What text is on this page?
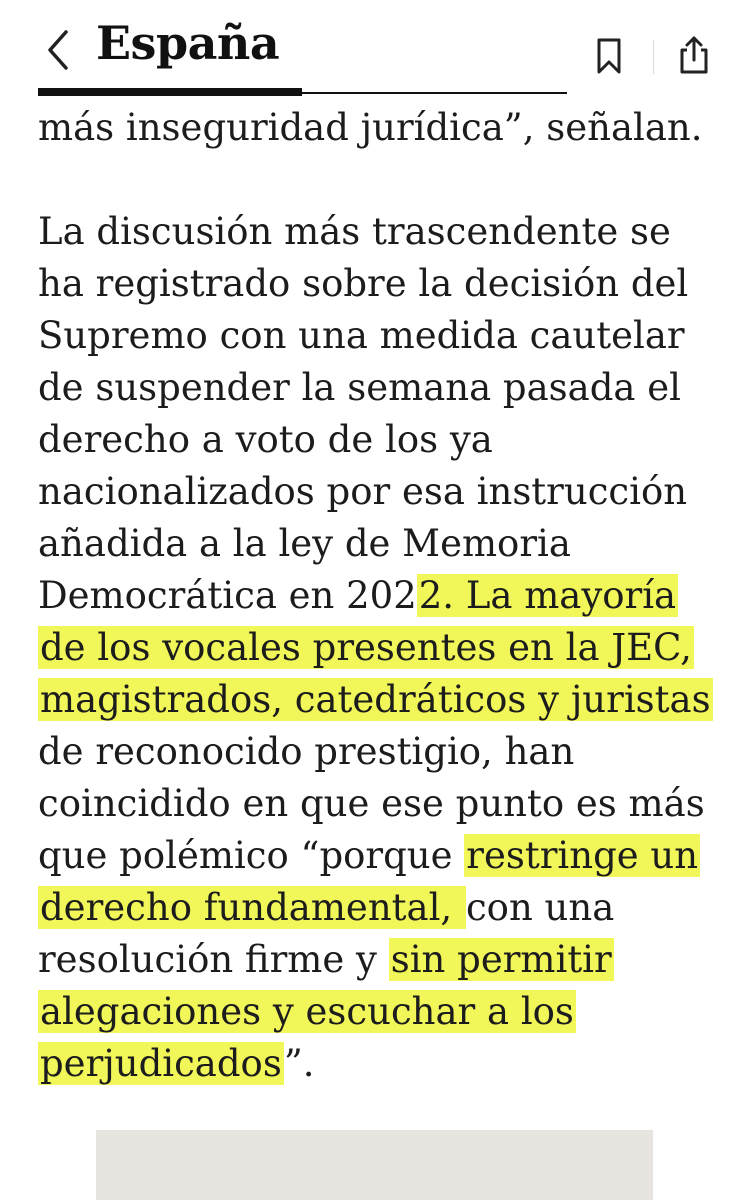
España

más inseguridad jurídica”, señalan.

La discusión más trascendente se ha registrado sobre la decisión del Supremo con una medida cautelar de suspender la semana pasada el derecho a voto de los ya nacionalizados por esa instrucción añadida a la ley de Memoria Democrática en 2022. La mayoría de los vocales presentes en la JEC, magistrados, catedráticos y juristas de reconocido prestigio, han coincidido en que ese punto es más que polémico “porque restringe un derecho fundamental, con una resolución firme y sin permitir alegaciones y escuchar a los perjudicados”.
